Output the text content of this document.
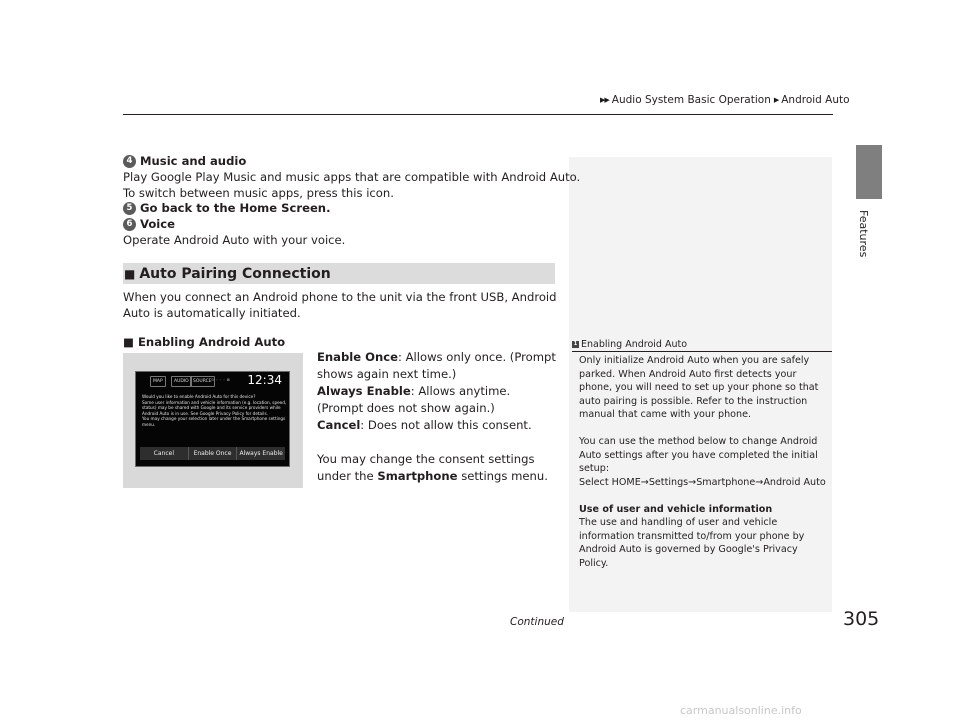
▶▶ Audio System Basic Operation ▶ Android Auto
Features
4 Music and audio
Play Google Play Music and music apps that are compatible with Android Auto.
To switch between music apps, press this icon.
5 Go back to the Home Screen.
6 Voice
Operate Android Auto with your voice.
■ Auto Pairing Connection
When you connect an Android phone to the unit via the front USB, Android Auto is automatically initiated.
■ Enabling Android Auto
MAP	AUDIO SOURCE ⊙ ◦ ◦ ◦ ⊠ 12:34
Would you like to enable Android Auto for this device?
Some user information and vehicle information (e.g. location, speed, status) may be shared with Google and its service providers while Android Auto is in use. See Google Privacy Policy for details.
You may change your selection later under the Smartphone settings menu.
Cancel	Enable Once	Always Enable
Enable Once: Allows only once. (Prompt shows again next time.)
Always Enable: Allows anytime. (Prompt does not show again.)
Cancel: Does not allow this consent.
You may change the consent settings under the Smartphone settings menu.
1 Enabling Android Auto

Only initialize Android Auto when you are safely parked. When Android Auto first detects your phone, you will need to set up your phone so that auto pairing is possible. Refer to the instruction manual that came with your phone.

You can use the method below to change Android Auto settings after you have completed the initial setup:

Select HOME→Settings→Smartphone→Android Auto

Use of user and vehicle information

The use and handling of user and vehicle information transmitted to/from your phone by Android Auto is governed by Google's Privacy Policy.

Continued	305
carmanualsonline.info
